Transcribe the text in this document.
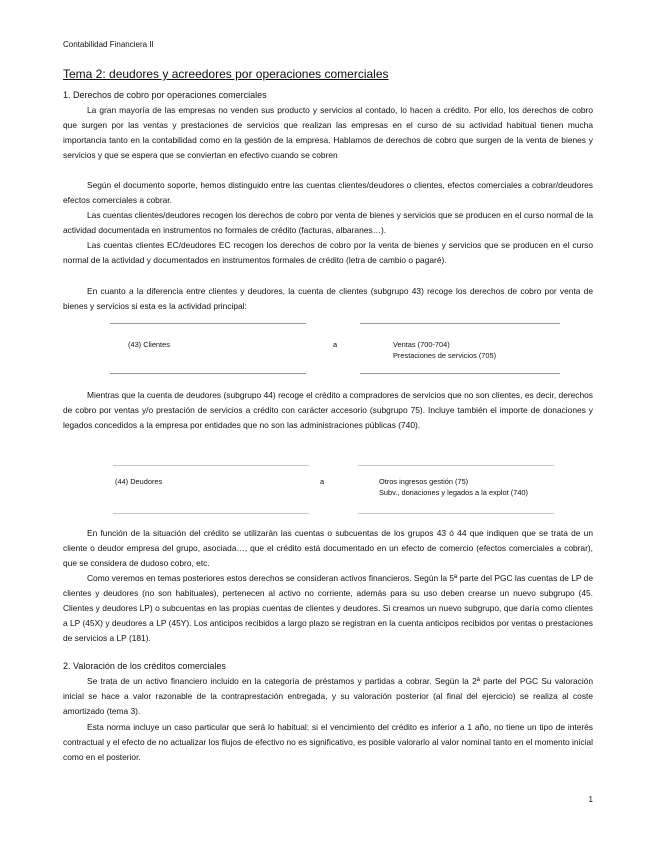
Contabilidad Financiera II
Tema 2: deudores y acreedores por operaciones comerciales
1. Derechos de cobro por operaciones comerciales
La gran mayoría de las empresas no venden sus producto y servicios al contado, lo hacen a crédito. Por ello, los derechos de cobro que surgen por las ventas y prestaciones de servicios que realizan las empresas en el curso de su actividad habitual tienen mucha importancia tanto en la contabilidad como en la gestión de la empresa. Hablamos de derechos de cobro que surgen de la venta de bienes y servicios y que se espera que se conviertan en efectivo cuando se cobren
Según el documento soporte, hemos distinguido entre las cuentas clientes/deudores o clientes, efectos comerciales a cobrar/deudores efectos comerciales a cobrar.
Las cuentas clientes/deudores recogen los derechos de cobro por venta de bienes y servicios que se producen en el curso normal de la actividad documentada en instrumentos no formales de crédito (facturas, albaranes…).
Las cuentas clientes EC/deudores EC recogen los derechos de cobro por la venta de bienes y servicios que se producen en el curso normal de la actividad y documentados en instrumentos formales de crédito (letra de cambio o pagaré).
En cuanto a la diferencia entre clientes y deudores, la cuenta de clientes (subgrupo 43) recoge los derechos de cobro por venta de bienes y servicios si esta es la actividad principal:
(43) Clientes	a	Ventas (700-704)
Prestaciones de servicios (705)
Mientras que la cuenta de deudores (subgrupo 44) recoge el crédito a compradores de servicios que no son clientes, es decir, derechos de cobro por ventas y/o prestación de servicios a crédito con carácter accesorio (subgrupo 75). Incluye también el importe de donaciones y legados concedidos a la empresa por entidades que no son las administraciones públicas (740).
(44) Deudores	a	Otros ingresos gestión (75)
Subv., donaciones y legados a la explot (740)
En función de la situación del crédito se utilizarán las cuentas o subcuentas de los grupos 43 ó 44 que indiquen que se trata de un cliente o deudor empresa del grupo, asociada…, que el crédito está documentado en un efecto de comercio (efectos comerciales a cobrar), que se considera de dudoso cobro, etc.
Como veremos en temas posteriores estos derechos se consideran activos financieros. Según la 5ª parte del PGC las cuentas de LP de clientes y deudores (no son habituales), pertenecen al activo no corriente, además para su uso deben crearse un nuevo subgrupo (45. Clientes y deudores LP) o subcuentas en las propias cuentas de clientes y deudores. Si creamos un nuevo subgrupo, que daría como clientes a LP (45X) y deudores a LP (45Y). Los anticipos recibidos a largo plazo se registran en la cuenta anticipos recibidos por ventas o prestaciones de servicios a LP (181).
2. Valoración de los créditos comerciales
Se trata de un activo financiero incluido en la categoría de préstamos y partidas a cobrar. Según la 2ª parte del PGC Su valoración inicial se hace a valor razonable de la contraprestación entregada, y su valoración posterior (al final del ejercicio) se realiza al coste amortizado (tema 3).
Esta norma incluye un caso particular que será lo habitual: si el vencimiento del crédito es inferior a 1 año, no tiene un tipo de interés contractual y el efecto de no actualizar los flujos de efectivo no es significativo, es posible valorarlo al valor nominal tanto en el momento inicial como en el posterior.
1
